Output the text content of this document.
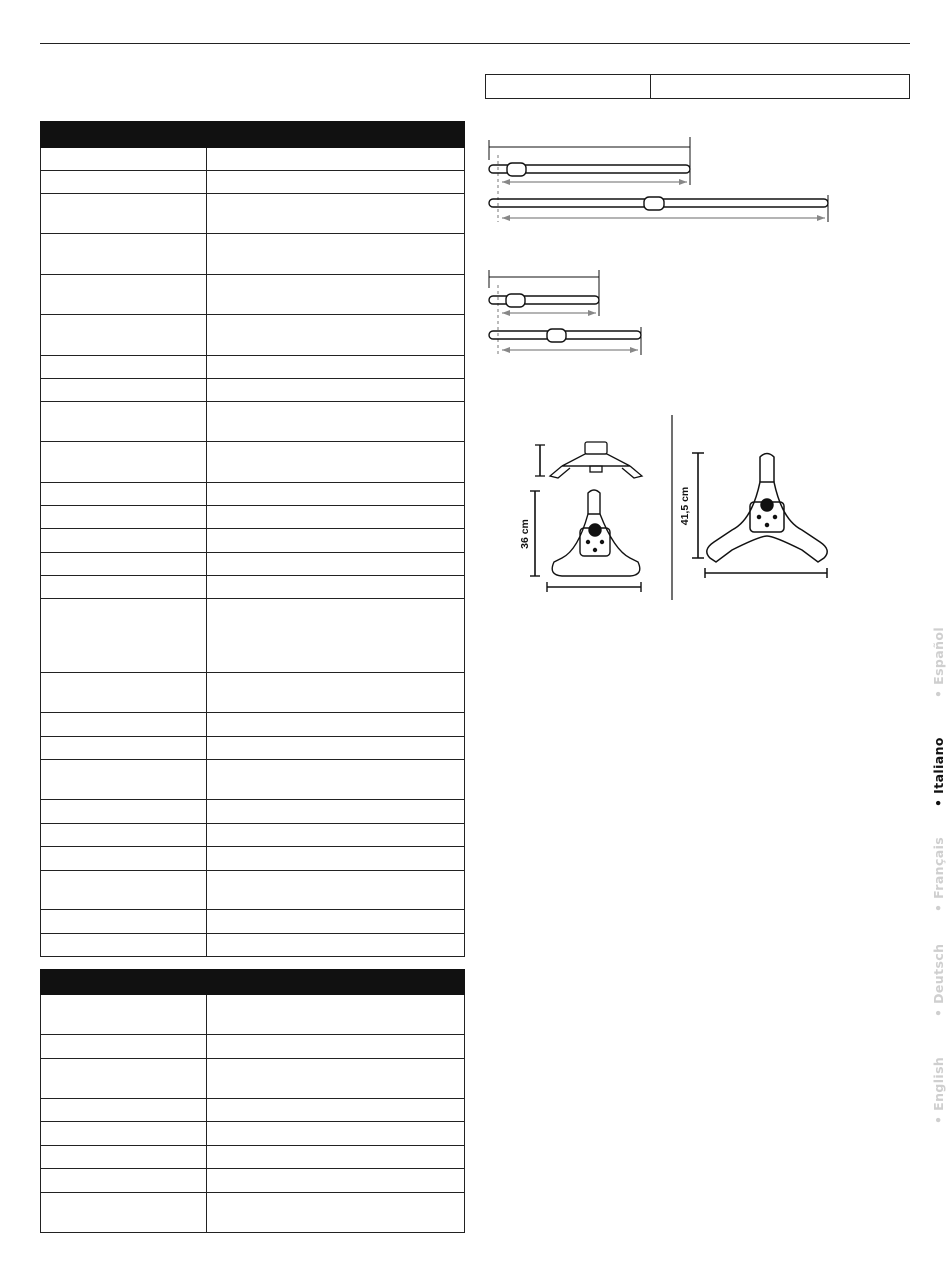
36 cm
41,5 cm
• Español
• Italiano
• Français
• Deutsch
• English
